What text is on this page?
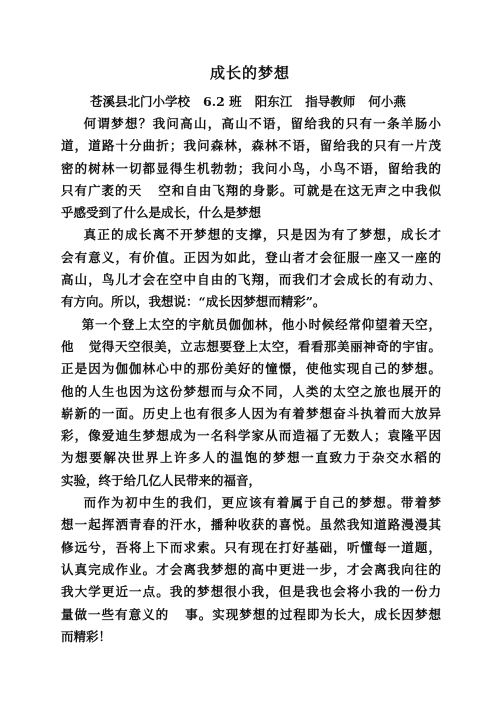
成长的梦想
苍溪县北门小学校   6.2 班   阳东江   指导教师   何小燕
何谓梦想？我问高山，高山不语，留给我的只有一条羊肠小
道，道路十分曲折；我问森林，森林不语，留给我的只有一片茂
密的树林一切都显得生机勃勃；我问小鸟，小鸟不语，留给我的
只有广袤的天   空和自由飞翔的身影。可就是在这无声之中我似
乎感受到了什么是成长，什么是梦想
真正的成长离不开梦想的支撑，只是因为有了梦想，成长才
会有意义，有价值。正因为如此，登山者才会征服一座又一座的
高山，鸟儿才会在空中自由的飞翔，而我们才会成长的有动力、
有方向。所以，我想说：“成长因梦想而精彩”。
第一个登上太空的宇航员伽伽林，他小时候经常仰望着天空，
他   觉得天空很美，立志想要登上太空，看看那美丽神奇的宇宙。
正是因为伽伽林心中的那份美好的憧憬，使他实现自己的梦想。
他的人生也因为这份梦想而与众不同，人类的太空之旅也展开的
崭新的一面。历史上也有很多人因为有着梦想奋斗执着而大放异
彩，像爱迪生梦想成为一名科学家从而造福了无数人；袁隆平因
为想要解决世界上许多人的温饱的梦想一直致力于杂交水稻的
实验，终于给几亿人民带来的福音，
而作为初中生的我们，更应该有着属于自己的梦想。带着梦
想一起挥洒青春的汗水，播种收获的喜悦。虽然我知道路漫漫其
修远兮，吾将上下而求索。只有现在打好基础，听懂每一道题，
认真完成作业。才会离我梦想的高中更进一步，才会离我向往的
我大学更近一点。我的梦想很小我，但是我也会将小我的一份力
量做一些有意义的   事。实现梦想的过程即为长大，成长因梦想
而精彩！
